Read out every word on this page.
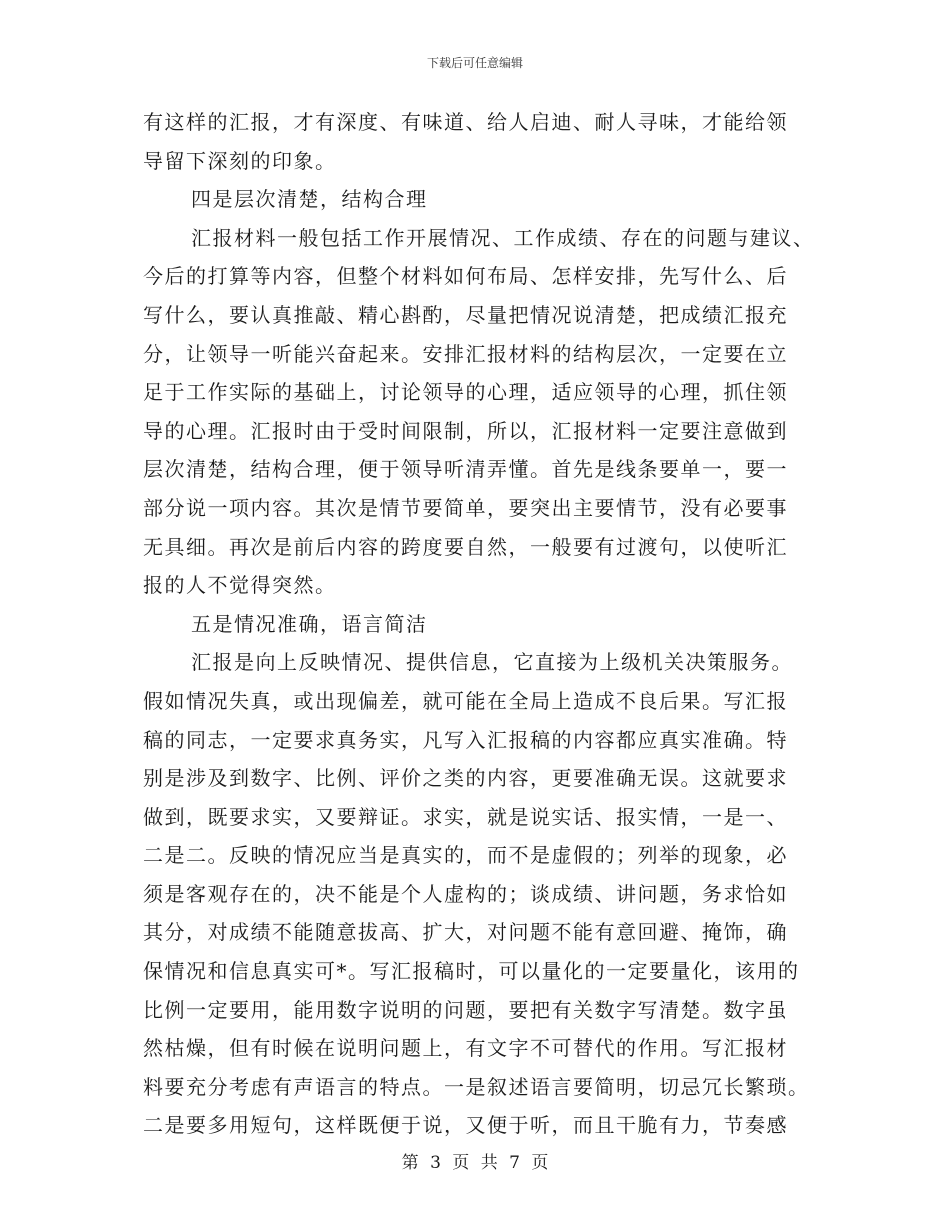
下载后可任意编辑
有这样的汇报，才有深度、有味道、给人启迪、耐人寻味，才能给领
导留下深刻的印象。
四是层次清楚，结构合理
汇报材料一般包括工作开展情况、工作成绩、存在的问题与建议、
今后的打算等内容，但整个材料如何布局、怎样安排，先写什么、后
写什么，要认真推敲、精心斟酌，尽量把情况说清楚，把成绩汇报充
分，让领导一听能兴奋起来。安排汇报材料的结构层次，一定要在立
足于工作实际的基础上，讨论领导的心理，适应领导的心理，抓住领
导的心理。汇报时由于受时间限制，所以，汇报材料一定要注意做到
层次清楚，结构合理，便于领导听清弄懂。首先是线条要单一，要一
部分说一项内容。其次是情节要简单，要突出主要情节，没有必要事
无具细。再次是前后内容的跨度要自然，一般要有过渡句，以使听汇
报的人不觉得突然。
五是情况准确，语言简洁
汇报是向上反映情况、提供信息，它直接为上级机关决策服务。
假如情况失真，或出现偏差，就可能在全局上造成不良后果。写汇报
稿的同志，一定要求真务实，凡写入汇报稿的内容都应真实准确。特
别是涉及到数字、比例、评价之类的内容，更要准确无误。这就要求
做到，既要求实，又要辩证。求实，就是说实话、报实情，一是一、
二是二。反映的情况应当是真实的，而不是虚假的；列举的现象，必
须是客观存在的，决不能是个人虚构的；谈成绩、讲问题，务求恰如
其分，对成绩不能随意拔高、扩大，对问题不能有意回避、掩饰，确
保情况和信息真实可*。写汇报稿时，可以量化的一定要量化，该用的
比例一定要用，能用数字说明的问题，要把有关数字写清楚。数字虽
然枯燥，但有时候在说明问题上，有文字不可替代的作用。写汇报材
料要充分考虑有声语言的特点。一是叙述语言要简明，切忌冗长繁琐。
二是要多用短句，这样既便于说，又便于听，而且干脆有力，节奏感
第 3 页 共 7 页
